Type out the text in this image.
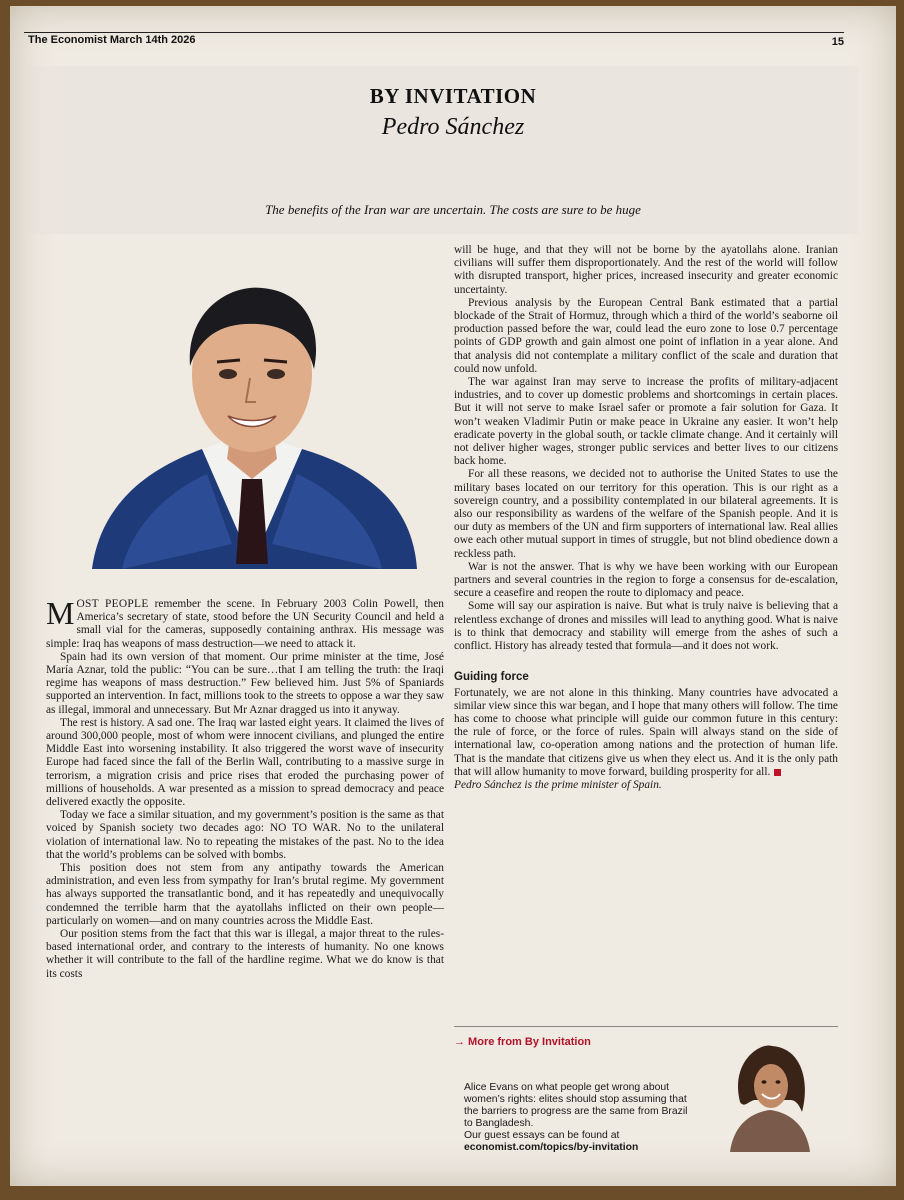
The Economist March 14th 2026	15
BY INVITATION
Pedro Sánchez
The benefits of the Iran war are uncertain. The costs are sure to be huge

MOST PEOPLE remember the scene. In February 2003 Colin Powell, then America’s secretary of state, stood before the UN Security Council and held a small vial for the cameras, supposedly containing anthrax. His message was simple: Iraq has weapons of mass destruction—we need to attack it.

Spain had its own version of that moment. Our prime minister at the time, José María Aznar, told the public: “You can be sure…that I am telling the truth: the Iraqi regime has weapons of mass destruction.” Few believed him. Just 5% of Spaniards supported an intervention. In fact, millions took to the streets to oppose a war they saw as illegal, immoral and unnecessary. But Mr Aznar dragged us into it anyway.

The rest is history. A sad one. The Iraq war lasted eight years. It claimed the lives of around 300,000 people, most of whom were innocent civilians, and plunged the entire Middle East into worsening instability. It also triggered the worst wave of insecurity Europe had faced since the fall of the Berlin Wall, contributing to a massive surge in terrorism, a migration crisis and price rises that eroded the purchasing power of millions of households. A war presented as a mission to spread democracy and peace delivered exactly the opposite.

Today we face a similar situation, and my government’s position is the same as that voiced by Spanish society two decades ago: NO TO WAR. No to the unilateral violation of international law. No to repeating the mistakes of the past. No to the idea that the world’s problems can be solved with bombs.

This position does not stem from any antipathy towards the American administration, and even less from sympathy for Iran’s brutal regime. My government has always supported the transatlantic bond, and it has repeatedly and unequivocally condemned the terrible harm that the ayatollahs inflicted on their own people—particularly on women—and on many countries across the Middle East.

Our position stems from the fact that this war is illegal, a major threat to the rules-based international order, and contrary to the interests of humanity. No one knows whether it will contribute to the fall of the hardline regime. What we do know is that its costs

will be huge, and that they will not be borne by the ayatollahs alone. Iranian civilians will suffer them disproportionately. And the rest of the world will follow with disrupted transport, higher prices, increased insecurity and greater economic uncertainty.

Previous analysis by the European Central Bank estimated that a partial blockade of the Strait of Hormuz, through which a third of the world’s seaborne oil production passed before the war, could lead the euro zone to lose 0.7 percentage points of GDP growth and gain almost one point of inflation in a year alone. And that analysis did not contemplate a military conflict of the scale and duration that could now unfold.

The war against Iran may serve to increase the profits of military-adjacent industries, and to cover up domestic problems and shortcomings in certain places. But it will not serve to make Israel safer or promote a fair solution for Gaza. It won’t weaken Vladimir Putin or make peace in Ukraine any easier. It won’t help eradicate poverty in the global south, or tackle climate change. And it certainly will not deliver higher wages, stronger public services and better lives to our citizens back home.

For all these reasons, we decided not to authorise the United States to use the military bases located on our territory for this operation. This is our right as a sovereign country, and a possibility contemplated in our bilateral agreements. It is also our responsibility as wardens of the welfare of the Spanish people. And it is our duty as members of the UN and firm supporters of international law. Real allies owe each other mutual support in times of struggle, but not blind obedience down a reckless path.

War is not the answer. That is why we have been working with our European partners and several countries in the region to forge a consensus for de-escalation, secure a ceasefire and reopen the route to diplomacy and peace.

Some will say our aspiration is naive. But what is truly naive is believing that a relentless exchange of drones and missiles will lead to anything good. What is naive is to think that democracy and stability will emerge from the ashes of such a conflict. History has already tested that formula—and it does not work.

Guiding force

Fortunately, we are not alone in this thinking. Many countries have advocated a similar view since this war began, and I hope that many others will follow. The time has come to choose what principle will guide our common future in this century: the rule of force, or the force of rules. Spain will always stand on the side of international law, co-operation among nations and the protection of human life. That is the mandate that citizens give us when they elect us. And it is the only path that will allow humanity to move forward, building prosperity for all.

Pedro Sánchez is the prime minister of Spain.

→ More from By Invitation
Alice Evans on what people get wrong about women’s rights: elites should stop assuming that the barriers to progress are the same from Brazil to Bangladesh.
Our guest essays can be found at
economist.com/topics/by-invitation
